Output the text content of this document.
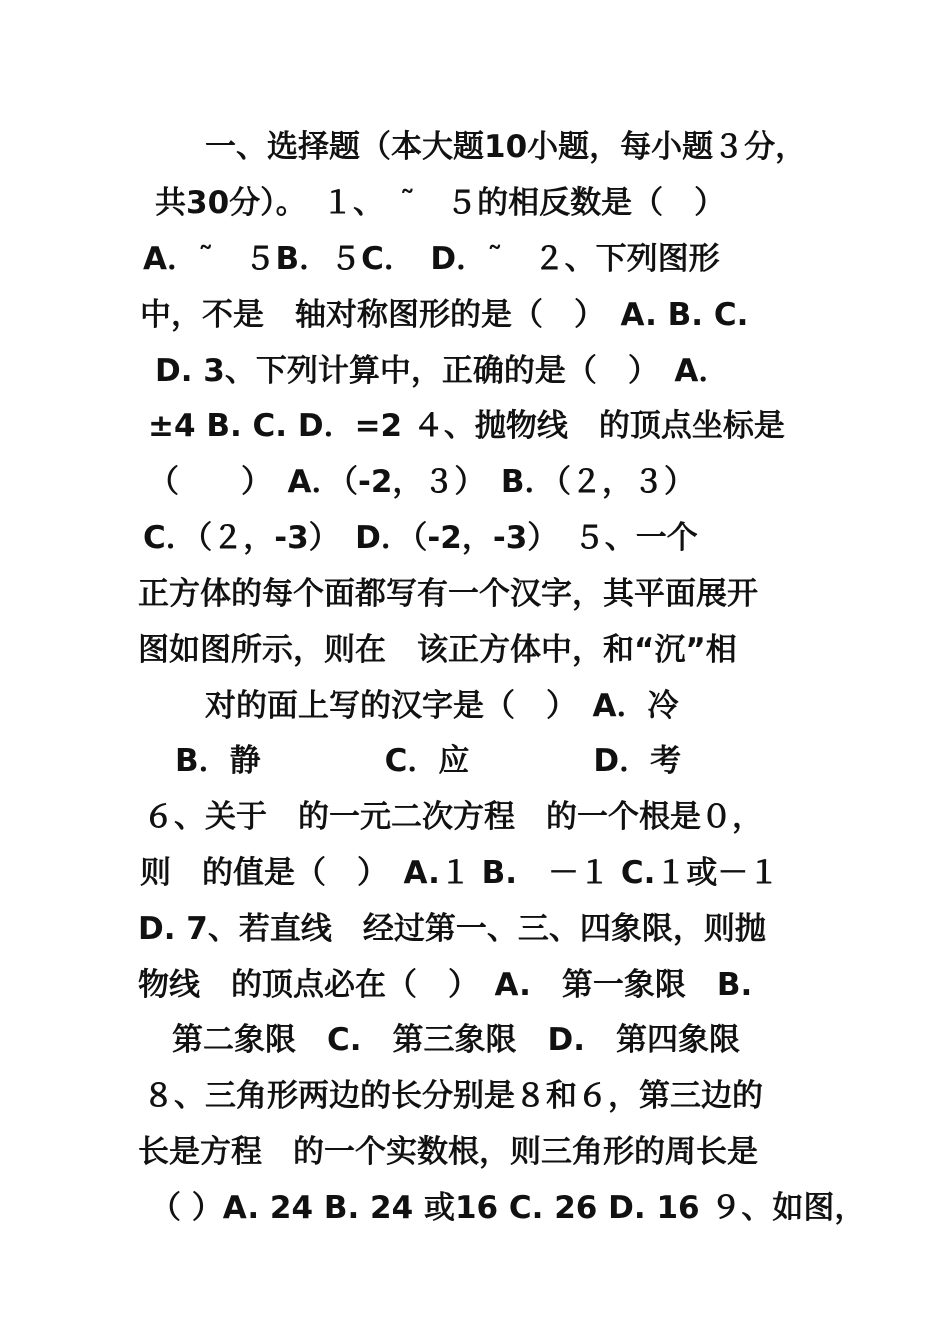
一、选择题（本大题10小题，每小题３分，
共30分）。　１、　˜　５的相反数是（　）
A．˜　５B．５C．　D．˜　２、下列图形
中，不是　轴对称图形的是（　）　A. B. C.
D. 3、下列计算中，正确的是（　）　A．
±4 B. C. D．=2 ４、抛物线　的顶点坐标是
（　　）　A．（-2，３）　B．（２，３）
C．（２，-3）　D．（-2，-3）　５、一个
正方体的每个面都写有一个汉字，其平面展开
图如图所示，则在　该正方体中，和“沉”相
对的面上写的汉字是（　）　A．冷
B．静　　　　C．应　　　　D．考
６、关于　的一元二次方程　的一个根是０，
则　的值是（　）　A.１ B.　－１ C.１或－１
D. 7、若直线　经过第一、三、四象限，则抛
物线　的顶点必在（　）　A.　第一象限　B.
第二象限　C.　第三象限　D.　第四象限
８、三角形两边的长分别是８和６，第三边的
长是方程　的一个实数根，则三角形的周长是
（ ）A. 24 B. 24 或16 C. 26 D. 16 ９、如图，
